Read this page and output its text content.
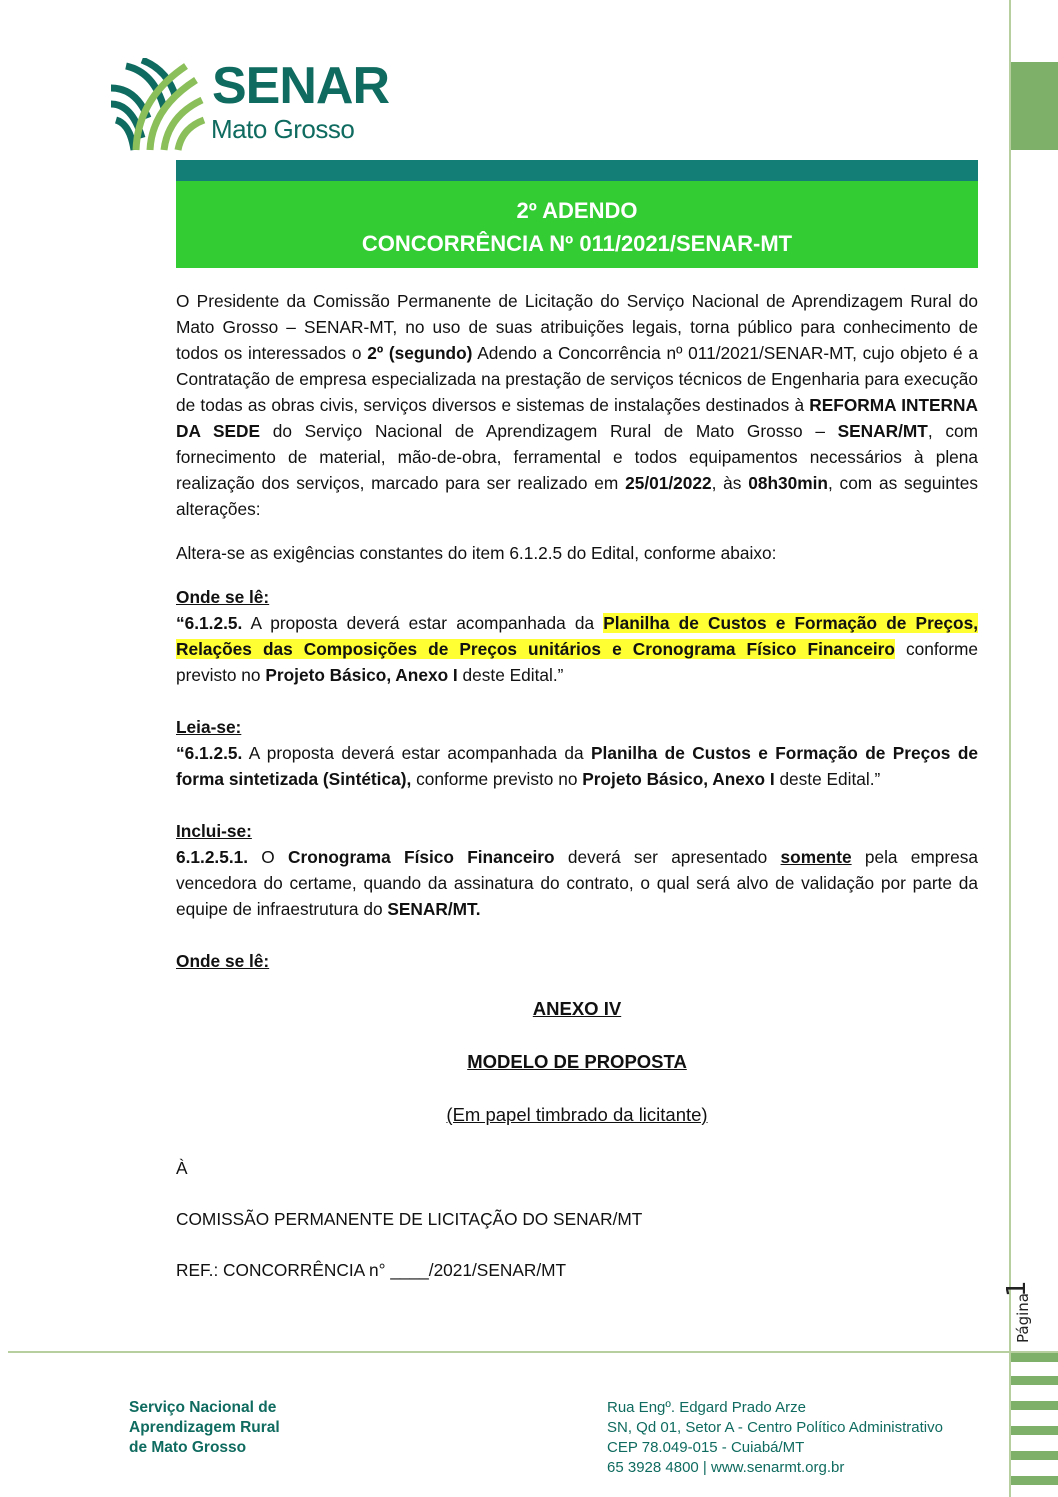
SENAR
Mato Grosso
Página
1
2º ADENDO
CONCORRÊNCIA Nº 011/2021/SENAR-MT

O Presidente da Comissão Permanente de Licitação do Serviço Nacional de Aprendizagem Rural do Mato Grosso – SENAR-MT, no uso de suas atribuições legais, torna público para conhecimento de todos os interessados o 2º (segundo) Adendo a Concorrência nº 011/2021/SENAR-MT, cujo objeto é a Contratação de empresa especializada na prestação de serviços técnicos de Engenharia para execução de todas as obras civis, serviços diversos e sistemas de instalações destinados à REFORMA INTERNA DA SEDE do Serviço Nacional de Aprendizagem Rural de Mato Grosso – SENAR/MT, com fornecimento de material, mão-de-obra, ferramental e todos equipamentos necessários à plena realização dos serviços, marcado para ser realizado em 25/01/2022, às 08h30min, com as seguintes alterações:

Altera-se as exigências constantes do item 6.1.2.5 do Edital, conforme abaixo:

Onde se lê:

“6.1.2.5. A proposta deverá estar acompanhada da Planilha de Custos e Formação de Preços, Relações das Composições de Preços unitários e Cronograma Físico Financeiro conforme previsto no Projeto Básico, Anexo I deste Edital.”

Leia-se:

“6.1.2.5. A proposta deverá estar acompanhada da Planilha de Custos e Formação de Preços de forma sintetizada (Sintética), conforme previsto no Projeto Básico, Anexo I deste Edital.”

Inclui-se:

6.1.2.5.1. O Cronograma Físico Financeiro deverá ser apresentado somente pela empresa vencedora do certame, quando da assinatura do contrato, o qual será alvo de validação por parte da equipe de infraestrutura do SENAR/MT.

Onde se lê:

ANEXO IV

MODELO DE PROPOSTA

(Em papel timbrado da licitante)

À

COMISSÃO PERMANENTE DE LICITAÇÃO DO SENAR/MT

REF.: CONCORRÊNCIA n° ____/2021/SENAR/MT

Serviço Nacional de
Aprendizagem Rural
de Mato Grosso
Rua Engº. Edgard Prado Arze
SN, Qd 01, Setor A - Centro Político Administrativo
CEP 78.049-015 - Cuiabá/MT
65 3928 4800 | www.senarmt.org.br
